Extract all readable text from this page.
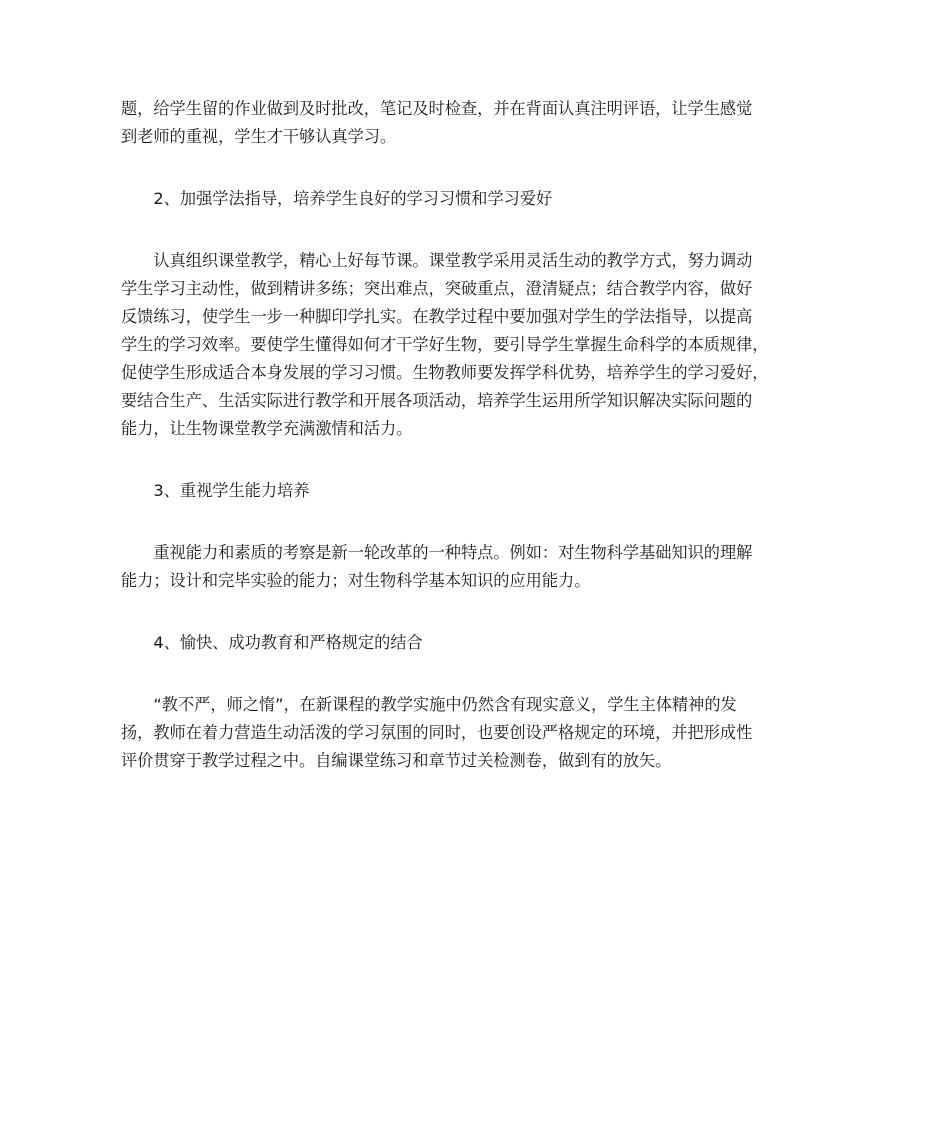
题，给学生留的作业做到及时批改，笔记及时检查，并在背面认真注明评语，让学生感觉
到老师的重视，学生才干够认真学习。

2、加强学法指导，培养学生良好的学习习惯和学习爱好

认真组织课堂教学，精心上好每节课。课堂教学采用灵活生动的教学方式，努力调动
学生学习主动性，做到精讲多练；突出难点，突破重点，澄清疑点；结合教学内容，做好
反馈练习，使学生一步一种脚印学扎实。在教学过程中要加强对学生的学法指导，以提高
学生的学习效率。要使学生懂得如何才干学好生物，要引导学生掌握生命科学的本质规律，
促使学生形成适合本身发展的学习习惯。生物教师要发挥学科优势，培养学生的学习爱好，
要结合生产、生活实际进行教学和开展各项活动，培养学生运用所学知识解决实际问题的
能力，让生物课堂教学充满激情和活力。

3、重视学生能力培养

重视能力和素质的考察是新一轮改革的一种特点。例如：对生物科学基础知识的理解
能力；设计和完毕实验的能力；对生物科学基本知识的应用能力。

4、愉快、成功教育和严格规定的结合

“教不严，师之惰”，在新课程的教学实施中仍然含有现实意义，学生主体精神的发
扬，教师在着力营造生动活泼的学习氛围的同时，也要创设严格规定的环境，并把形成性
评价贯穿于教学过程之中。自编课堂练习和章节过关检测卷，做到有的放矢。
